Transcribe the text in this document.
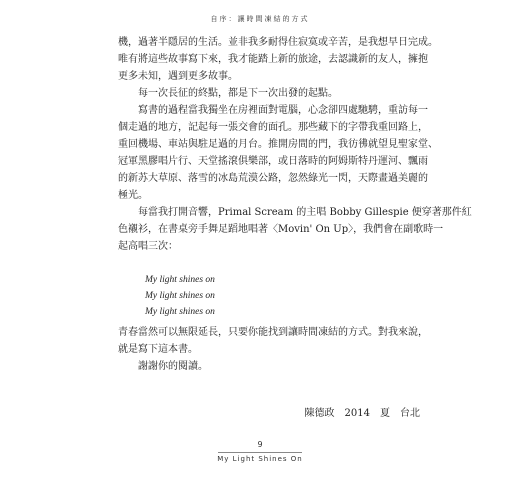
自序：讓時間凍結的方式

機，過著半隱居的生活。並非我多耐得住寂寞或辛苦，是我想早日完成。

唯有將這些故事寫下來，我才能踏上新的旅途，去認識新的友人，擁抱

更多未知，遇到更多故事。

每一次長征的終點，都是下一次出發的起點。

寫書的過程當我獨坐在房裡面對電腦，心念卻四處馳騁，重訪每一

個走過的地方，記起每一張交會的面孔。那些藏下的字帶我重回路上，

重回機場、車站與駐足過的月台。推開房間的門，我彷彿就望見聖家堂、

冠軍黑膠唱片行、天堂搖滾俱樂部，或日落時的阿姆斯特丹運河、飄雨

的新苏大草原、落雪的冰島荒漠公路，忽然綠光一閃，天際畫過美麗的

極光。

每當我打開音響，Primal Scream 的主唱 Bobby Gillespie 便穿著那件紅

色襯衫，在書桌旁手舞足蹈地唱著〈Movin' On Up〉，我們會在副歌時一

起高唱三次：

My light shines on
My light shines on
My light shines on

青春當然可以無限延長，只要你能找到讓時間凍結的方式。對我來說，

就是寫下這本書。

謝謝你的閱讀。

陳德政　2014　夏　台北
9
My Light Shines On
